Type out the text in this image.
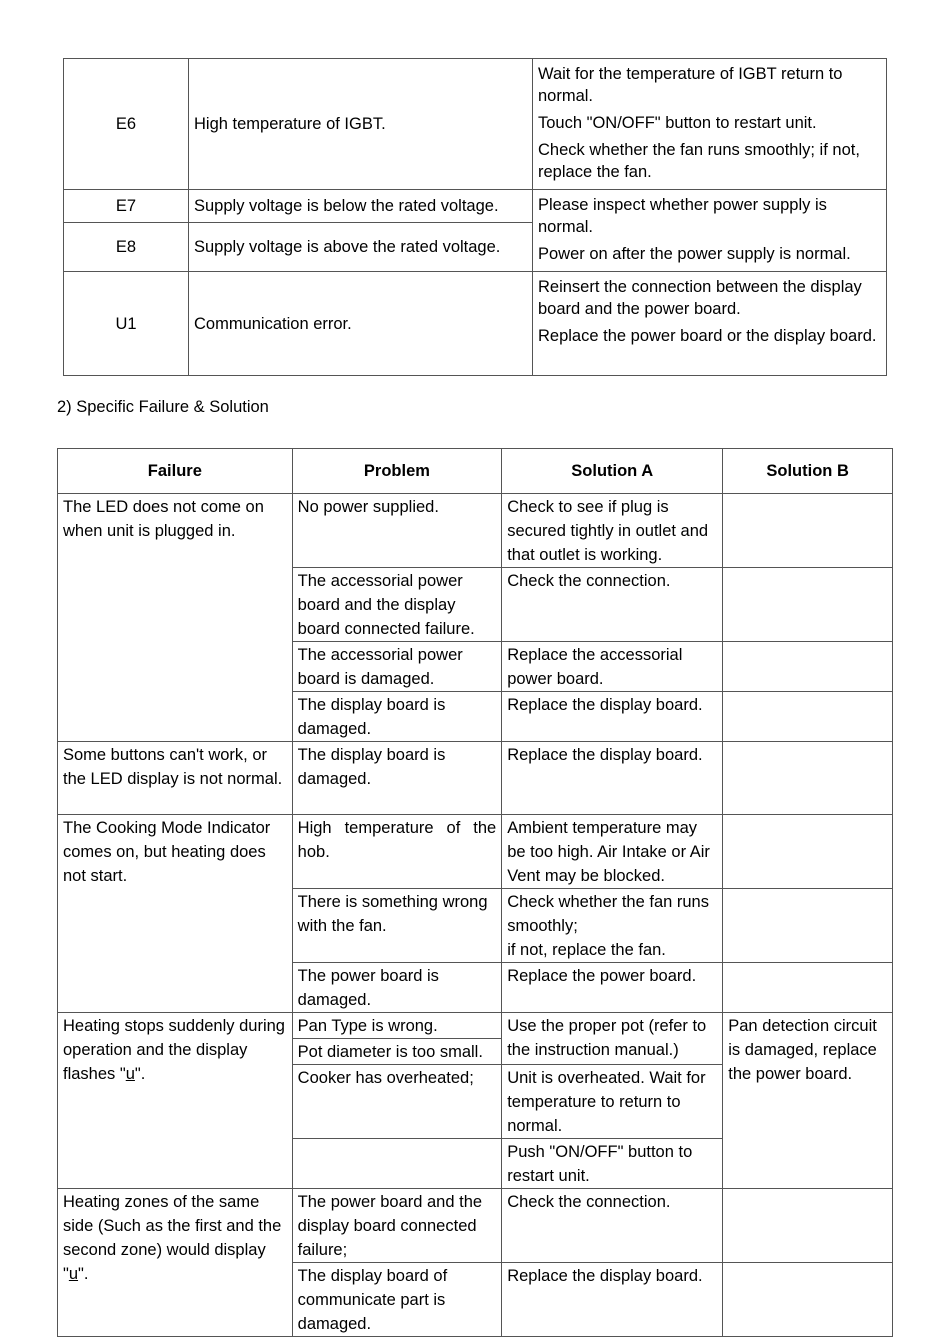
E6	High temperature of IGBT.	Wait for the temperature of IGBT return to normal.

Touch "ON/OFF" button to restart unit.

Check whether the fan runs smoothly; if not, replace the fan.

E7	Supply voltage is below the rated voltage.	Please inspect whether power supply is normal.

Power on after the power supply is normal.

E8	Supply voltage is above the rated voltage.	
U1	Communication error.	Reinsert the connection between the display board and the power board.

Replace the power board or the display board.

2) Specific Failure & Solution
Failure	Problem	Solution A	Solution B
The LED does not come on when unit is plugged in.	No power supplied.	Check to see if plug is secured tightly in outlet and that outlet is working.	
	The accessorial power board and the display board connected failure.	Check the connection.	
	The accessorial power board is damaged.	Replace the accessorial power board.	
	The display board is damaged.	Replace the display board.	
Some buttons can't work, or the LED display is not normal.	The display board is damaged.	Replace the display board.	
The Cooking Mode Indicator comes on, but heating does not start.	High temperature of the hob.	Ambient temperature may be too high. Air Intake or Air Vent may be blocked.	
	There is something wrong with the fan.	Check whether the fan runs smoothly;
if not, replace the fan.	
	The power board is damaged.	Replace the power board.	
Heating stops suddenly during operation and the display flashes "u".	Pan Type is wrong.	Use the proper pot (refer to the instruction manual.)	Pan detection circuit is damaged, replace the power board.
	Pot diameter is too small.		
	Cooker has overheated;	Unit is overheated. Wait for temperature to return to normal.	
		Push "ON/OFF" button to restart unit.	
Heating zones of the same side (Such as the first and the second zone) would display "u".	The power board and the display board connected failure;	Check the connection.	
	The display board of communicate part is damaged.	Replace the display board.	
